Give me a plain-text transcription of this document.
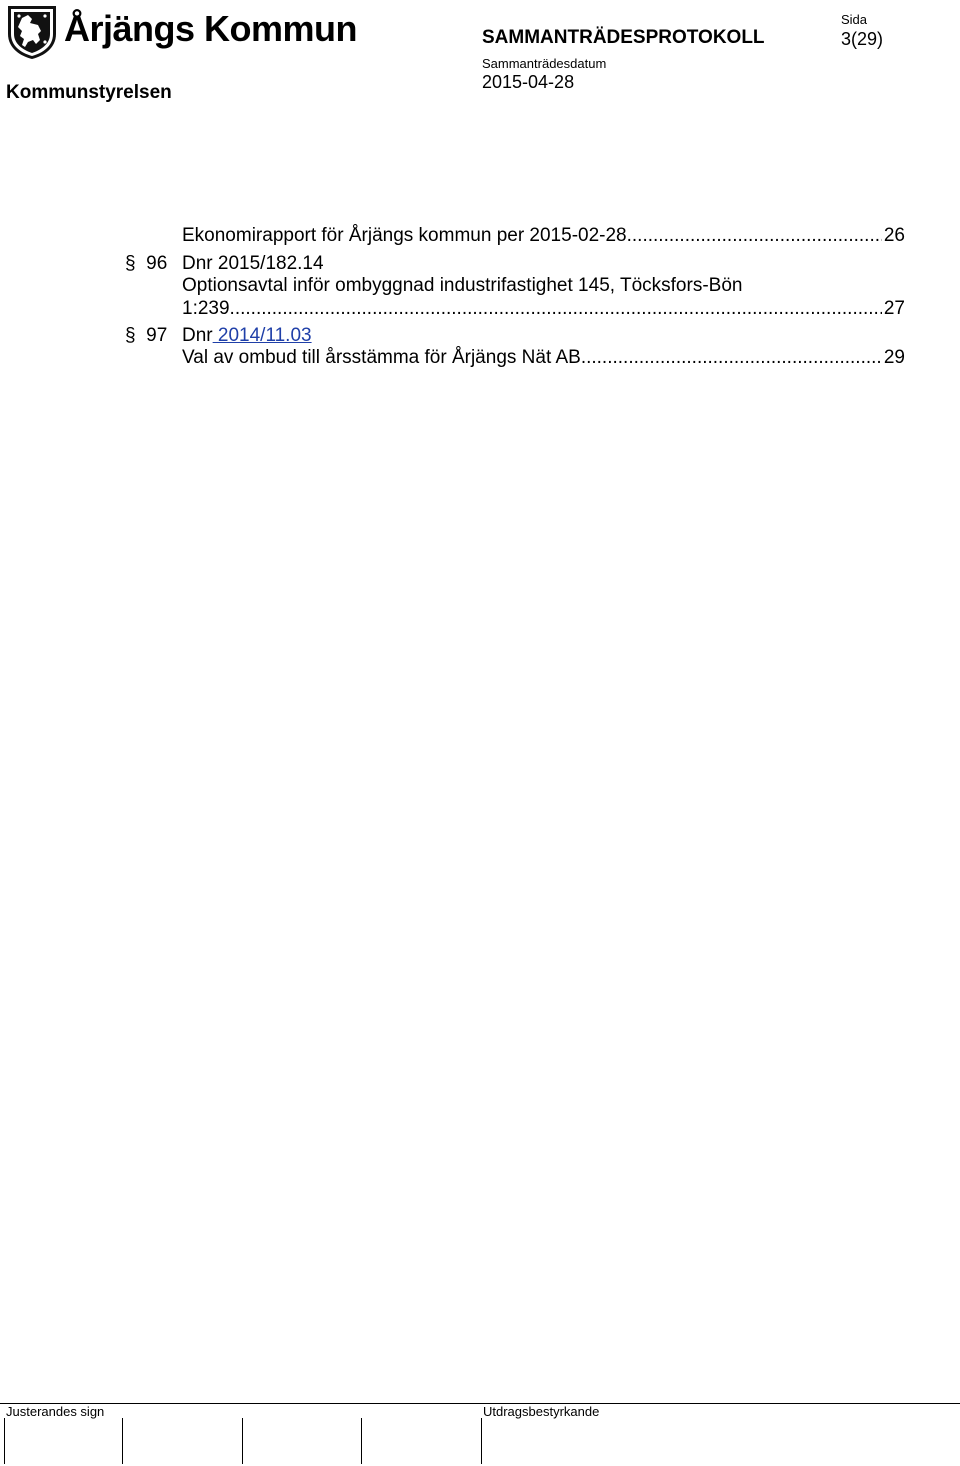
Årjängs Kommun
Kommunstyrelsen
SAMMANTRÄDESPROTOKOLL
Sida
3(29)
Sammanträdesdatum
2015-04-28
Ekonomirapport för Årjängs kommun per 2015-02-28 .....	26
§ 96 Dnr 2015/182.14
Optionsavtal inför ombyggnad industrifastighet 145, Töcksfors-Bön
1:239 .....	27
§ 97 Dnr 2014/11.03
Val av ombud till årsstämma för Årjängs Nät AB .....	29
Justerandes sign	Utdragsbestyrkande
